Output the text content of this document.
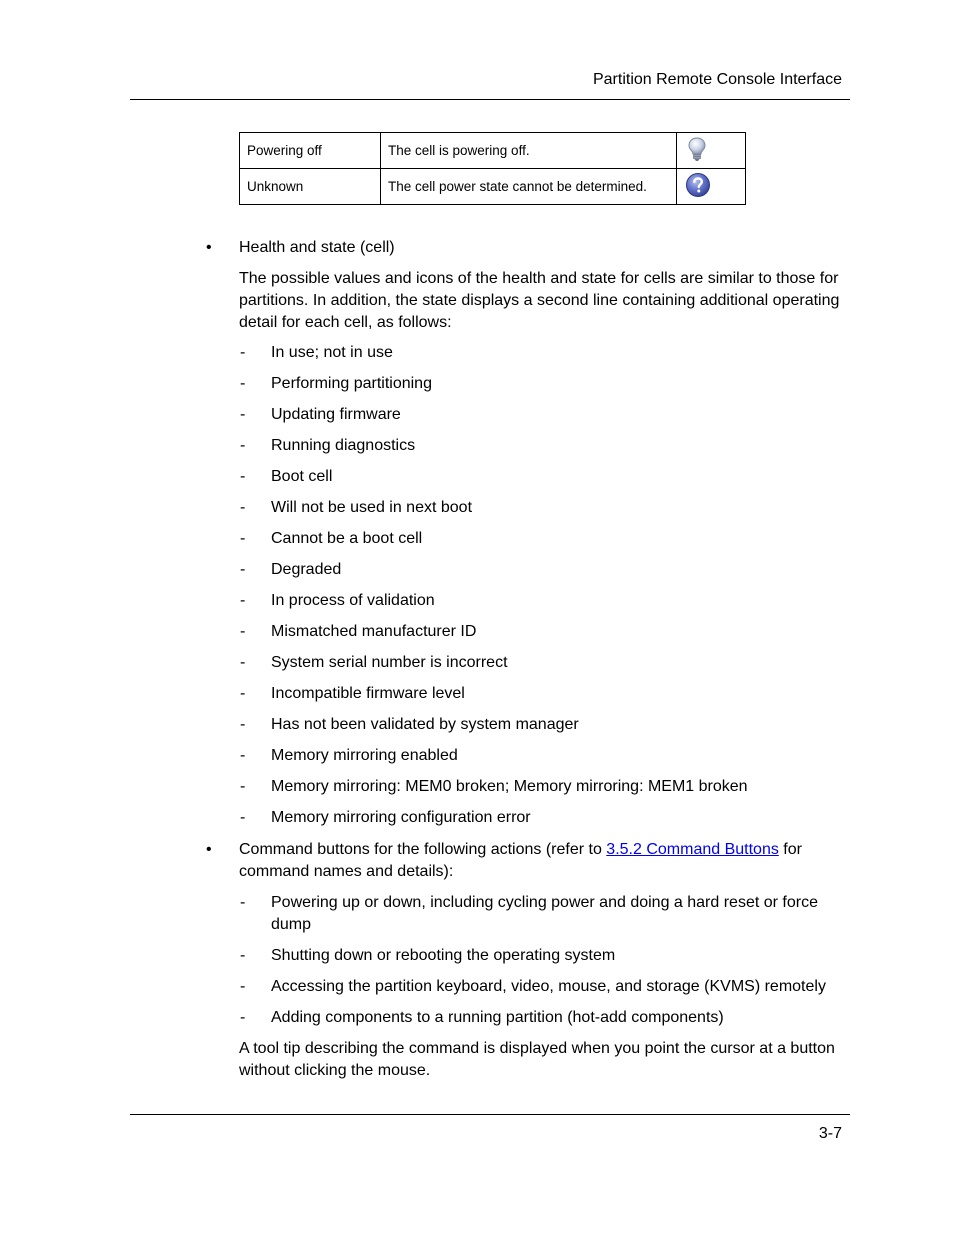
Partition Remote Console Interface
Powering off	The cell is powering off.	
Unknown	The cell power state cannot be determined.	
• Health and state (cell)
The possible values and icons of the health and state for cells are similar to those for partitions. In addition, the state displays a second line containing additional operating detail for each cell, as follows:
- In use; not in use
- Performing partitioning
- Updating firmware
- Running diagnostics
- Boot cell
- Will not be used in next boot
- Cannot be a boot cell
- Degraded
- In process of validation
- Mismatched manufacturer ID
- System serial number is incorrect
- Incompatible firmware level
- Has not been validated by system manager
- Memory mirroring enabled
- Memory mirroring: MEM0 broken; Memory mirroring: MEM1 broken
- Memory mirroring configuration error
• Command buttons for the following actions (refer to 3.5.2 Command Buttons for command names and details):
- Powering up or down, including cycling power and doing a hard reset or force dump
- Shutting down or rebooting the operating system
- Accessing the partition keyboard, video, mouse, and storage (KVMS) remotely
- Adding components to a running partition (hot-add components)
A tool tip describing the command is displayed when you point the cursor at a button without clicking the mouse.
3-7
